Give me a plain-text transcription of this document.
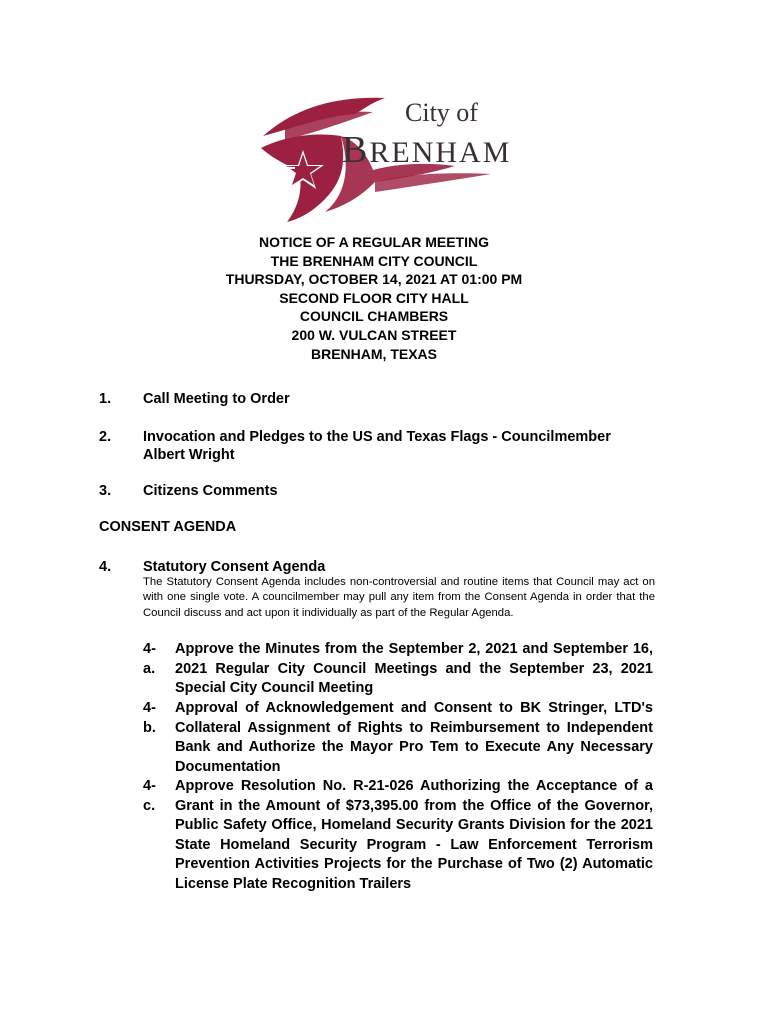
City of
BRENHAM
NOTICE OF A REGULAR MEETING
THE BRENHAM CITY COUNCIL
THURSDAY, OCTOBER 14, 2021 AT 01:00 PM
SECOND FLOOR CITY HALL
COUNCIL CHAMBERS
200 W. VULCAN STREET
BRENHAM, TEXAS
1. Call Meeting to Order
2. Invocation and Pledges to the US and Texas Flags - Councilmember Albert Wright
3. Citizens Comments
CONSENT AGENDA
4. Statutory Consent Agenda
The Statutory Consent Agenda includes non-controversial and routine items that Council may act on with one single vote. A councilmember may pull any item from the Consent Agenda in order that the Council discuss and act upon it individually as part of the Regular Agenda.
4-a.
Approve the Minutes from the September 2, 2021 and September 16, 2021 Regular City Council Meetings and the September 23, 2021 Special City Council Meeting
4-b.
Approval of Acknowledgement and Consent to BK Stringer, LTD's Collateral Assignment of Rights to Reimbursement to Independent Bank and Authorize the Mayor Pro Tem to Execute Any Necessary Documentation
4-c.
Approve Resolution No. R-21-026 Authorizing the Acceptance of a Grant in the Amount of $73,395.00 from the Office of the Governor, Public Safety Office, Homeland Security Grants Division for the 2021 State Homeland Security Program - Law Enforcement Terrorism Prevention Activities Projects for the Purchase of Two (2) Automatic License Plate Recognition Trailers
